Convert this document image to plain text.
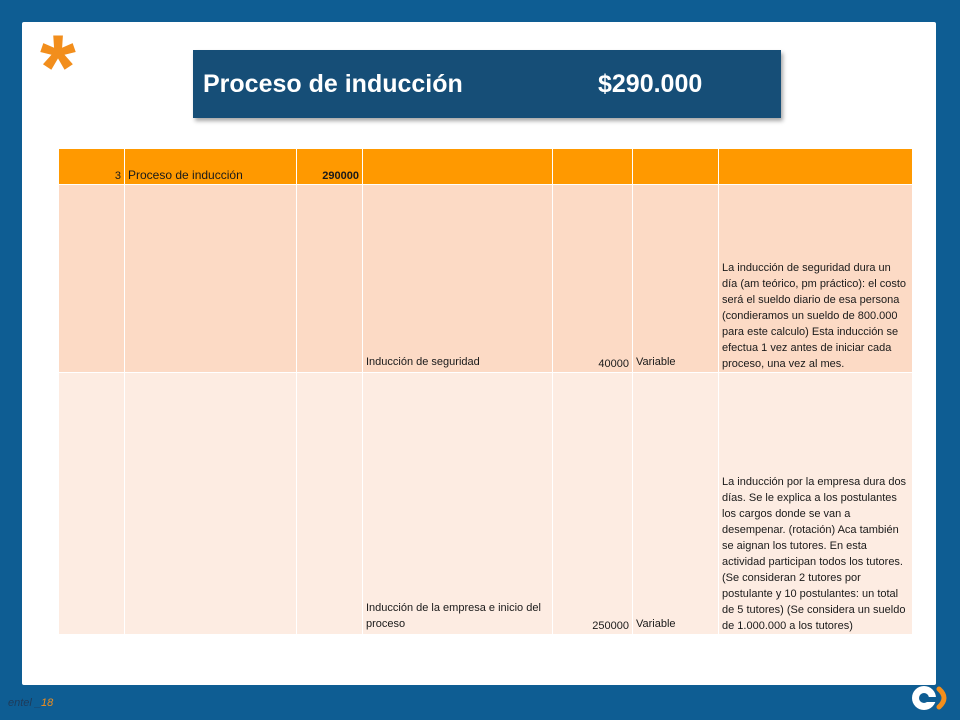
*	Proceso de inducción	$290.000
3	Proceso de inducción	290000				
			Inducción de seguridad	40000	Variable	La inducción de seguridad dura un día (am teórico, pm práctico): el costo será el sueldo diario de esa persona (condieramos un sueldo de 800.000 para este calculo) Esta inducción se efectua 1 vez antes de iniciar cada proceso, una vez al mes.
			Inducción de la empresa e inicio del proceso	250000	Variable	La inducción por la empresa dura dos días. Se le explica a los postulantes los cargos donde se van a desempenar. (rotación) Aca también se aignan los tutores. En esta actividad participan todos los tutores. (Se consideran 2 tutores por postulante y 10 postulantes: un total de 5 tutores) (Se considera un sueldo de 1.000.000 a los tutores)
entel _18
